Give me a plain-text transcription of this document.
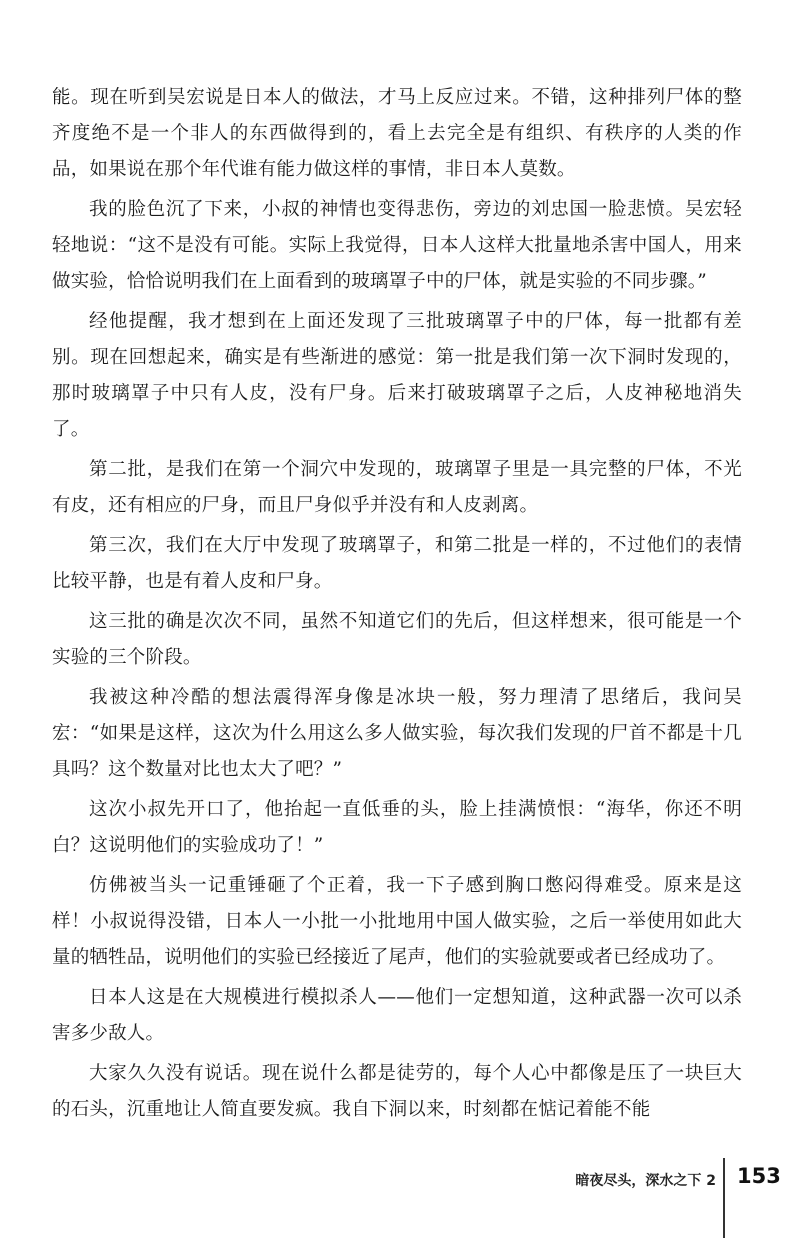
能。现在听到吴宏说是日本人的做法，才马上反应过来。不错，这种排列尸体的整齐度绝不是一个非人的东西做得到的，看上去完全是有组织、有秩序的人类的作品，如果说在那个年代谁有能力做这样的事情，非日本人莫数。

我的脸色沉了下来，小叔的神情也变得悲伤，旁边的刘忠国一脸悲愤。吴宏轻轻地说：“这不是没有可能。实际上我觉得，日本人这样大批量地杀害中国人，用来做实验，恰恰说明我们在上面看到的玻璃罩子中的尸体，就是实验的不同步骤。”

经他提醒，我才想到在上面还发现了三批玻璃罩子中的尸体，每一批都有差别。现在回想起来，确实是有些渐进的感觉：第一批是我们第一次下洞时发现的，那时玻璃罩子中只有人皮，没有尸身。后来打破玻璃罩子之后，人皮神秘地消失了。

第二批，是我们在第一个洞穴中发现的，玻璃罩子里是一具完整的尸体，不光有皮，还有相应的尸身，而且尸身似乎并没有和人皮剥离。

第三次，我们在大厅中发现了玻璃罩子，和第二批是一样的，不过他们的表情比较平静，也是有着人皮和尸身。

这三批的确是次次不同，虽然不知道它们的先后，但这样想来，很可能是一个实验的三个阶段。

我被这种冷酷的想法震得浑身像是冰块一般，努力理清了思绪后，我问吴宏：“如果是这样，这次为什么用这么多人做实验，每次我们发现的尸首不都是十几具吗？这个数量对比也太大了吧？”

这次小叔先开口了，他抬起一直低垂的头，脸上挂满愤恨：“海华，你还不明白？这说明他们的实验成功了！”

仿佛被当头一记重锤砸了个正着，我一下子感到胸口憋闷得难受。原来是这样！小叔说得没错，日本人一小批一小批地用中国人做实验，之后一举使用如此大量的牺牲品，说明他们的实验已经接近了尾声，他们的实验就要或者已经成功了。

日本人这是在大规模进行模拟杀人——他们一定想知道，这种武器一次可以杀害多少敌人。

大家久久没有说话。现在说什么都是徒劳的，每个人心中都像是压了一块巨大的石头，沉重地让人简直要发疯。我自下洞以来，时刻都在惦记着能不能

暗夜尽头，深水之下 2 153
